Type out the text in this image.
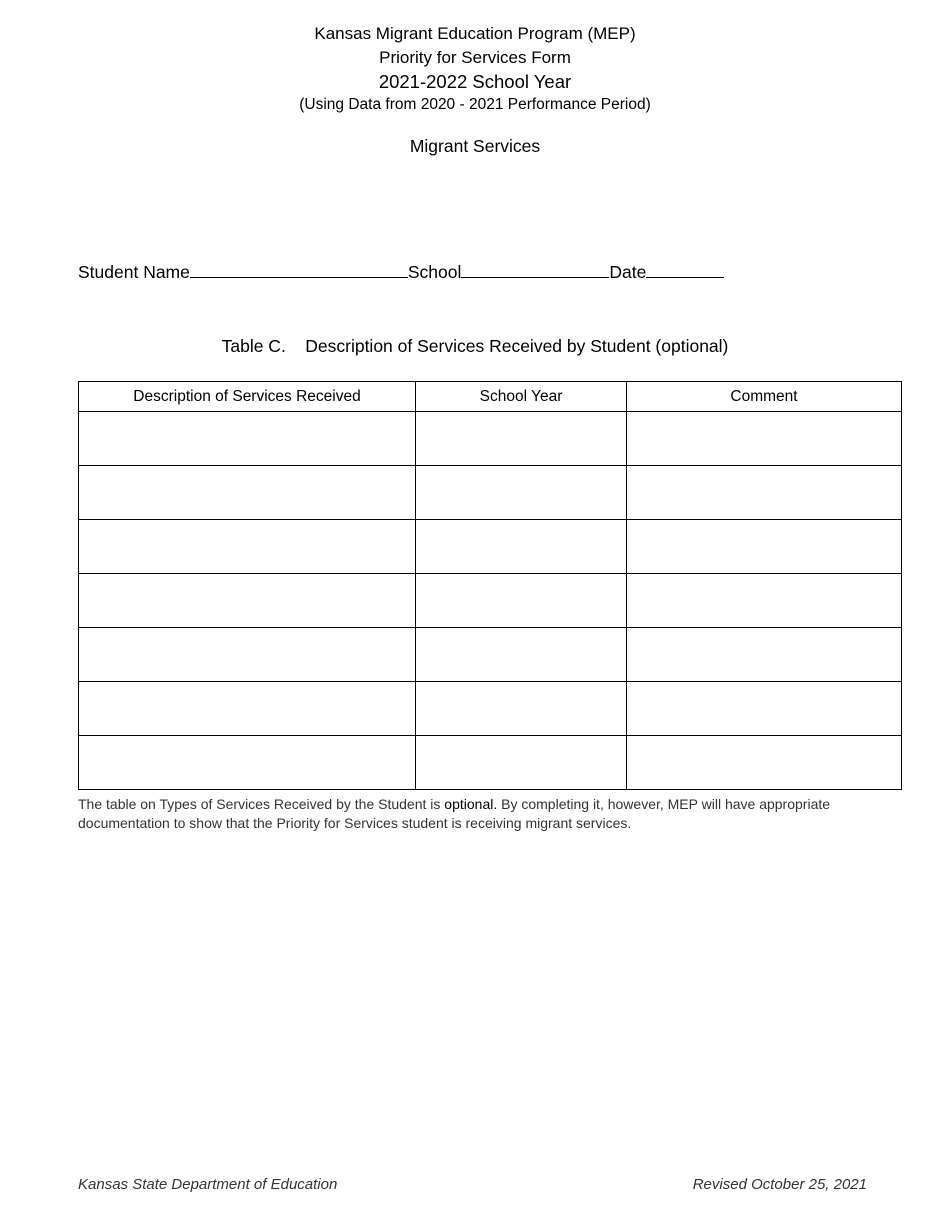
Kansas Migrant Education Program (MEP)
Priority for Services Form
2021-2022 School Year
(Using Data from 2020 - 2021 Performance Period)
Migrant Services
Student Name	School	Date
Table C.    Description of Services Received by Student (optional)
Description of Services Received	School Year	Comment

The table on Types of Services Received by the Student is optional. By completing it, however, MEP will have appropriate documentation to show that the Priority for Services student is receiving migrant services.
Kansas State Department of Education	Revised October 25, 2021
